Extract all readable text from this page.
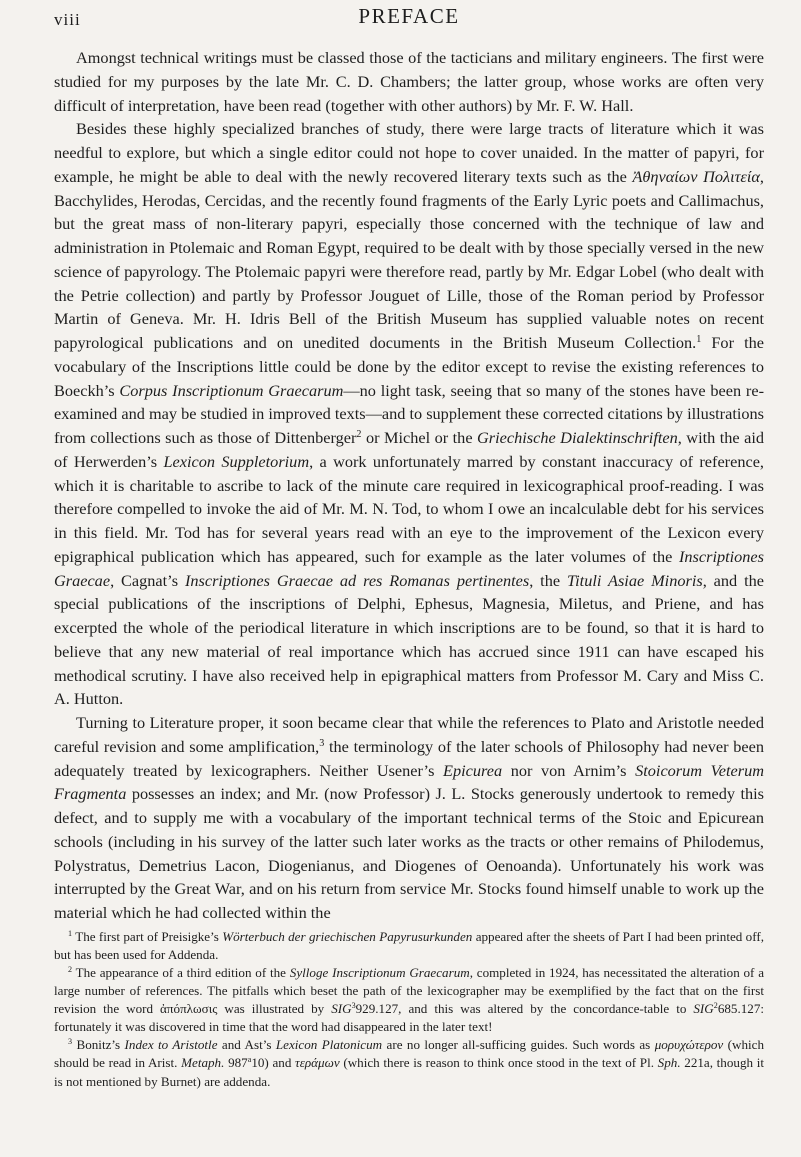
viii	PREFACE

Amongst technical writings must be classed those of the tacticians and military engineers. The first were studied for my purposes by the late Mr. C. D. Chambers; the latter group, whose works are often very difficult of interpretation, have been read (together with other authors) by Mr. F. W. Hall.

Besides these highly specialized branches of study, there were large tracts of literature which it was needful to explore, but which a single editor could not hope to cover unaided. In the matter of papyri, for example, he might be able to deal with the newly recovered literary texts such as the Ἀθηναίων Πολιτεία, Bacchylides, Herodas, Cercidas, and the recently found fragments of the Early Lyric poets and Callimachus, but the great mass of non-literary papyri, especially those concerned with the technique of law and administration in Ptolemaic and Roman Egypt, required to be dealt with by those specially versed in the new science of papyrology. The Ptolemaic papyri were therefore read, partly by Mr. Edgar Lobel (who dealt with the Petrie collection) and partly by Professor Jouguet of Lille, those of the Roman period by Professor Martin of Geneva. Mr. H. Idris Bell of the British Museum has supplied valuable notes on recent papyrological publications and on unedited documents in the British Museum Collection.$^1$ For the vocabulary of the Inscriptions little could be done by the editor except to revise the existing references to Boeckh’s Corpus Inscriptionum Graecarum—no light task, seeing that so many of the stones have been re-examined and may be studied in improved texts—and to supplement these corrected citations by illustrations from collections such as those of Dittenberger$^2$ or Michel or the Griechische Dialektinschriften, with the aid of Herwerden’s Lexicon Suppletorium, a work unfortunately marred by constant inaccuracy of reference, which it is charitable to ascribe to lack of the minute care required in lexicographical proof-reading. I was therefore compelled to invoke the aid of Mr. M. N. Tod, to whom I owe an incalculable debt for his services in this field. Mr. Tod has for several years read with an eye to the improvement of the Lexicon every epigraphical publication which has appeared, such for example as the later volumes of the Inscriptiones Graecae, Cagnat’s Inscriptiones Graecae ad res Romanas pertinentes, the Tituli Asiae Minoris, and the special publications of the inscriptions of Delphi, Ephesus, Magnesia, Miletus, and Priene, and has excerpted the whole of the periodical literature in which inscriptions are to be found, so that it is hard to believe that any new material of real importance which has accrued since 1911 can have escaped his methodical scrutiny. I have also received help in epigraphical matters from Professor M. Cary and Miss C. A. Hutton.

Turning to Literature proper, it soon became clear that while the references to Plato and Aristotle needed careful revision and some amplification,$^3$ the terminology of the later schools of Philosophy had never been adequately treated by lexicographers. Neither Usener’s Epicurea nor von Arnim’s Stoicorum Veterum Fragmenta possesses an index; and Mr. (now Professor) J. L. Stocks generously undertook to remedy this defect, and to supply me with a vocabulary of the important technical terms of the Stoic and Epicurean schools (including in his survey of the latter such later works as the tracts or other remains of Philodemus, Polystratus, Demetrius Lacon, Diogenianus, and Diogenes of Oenoanda). Unfortunately his work was interrupted by the Great War, and on his return from service Mr. Stocks found himself unable to work up the material which he had collected within the

$^1$ The first part of Preisigke’s Wörterbuch der griechischen Papyrusurkunden appeared after the sheets of Part I had been printed off, but has been used for Addenda.

$^2$ The appearance of a third edition of the Sylloge Inscriptionum Graecarum, completed in 1924, has necessitated the alteration of a large number of references. The pitfalls which beset the path of the lexicographer may be exemplified by the fact that on the first revision the word ἀπόπλωσις was illustrated by SIG$^3$929.127, and this was altered by the concordance-table to SIG$^2$685.127: fortunately it was discovered in time that the word had disappeared in the later text!

$^3$ Bonitz’s Index to Aristotle and Ast’s Lexicon Platonicum are no longer all-sufficing guides. Such words as μορυχώτερον (which should be read in Arist. Metaph. 987$^a$10) and τεράμων (which there is reason to think once stood in the text of Pl. Sph. 221a, though it is not mentioned by Burnet) are addenda.
